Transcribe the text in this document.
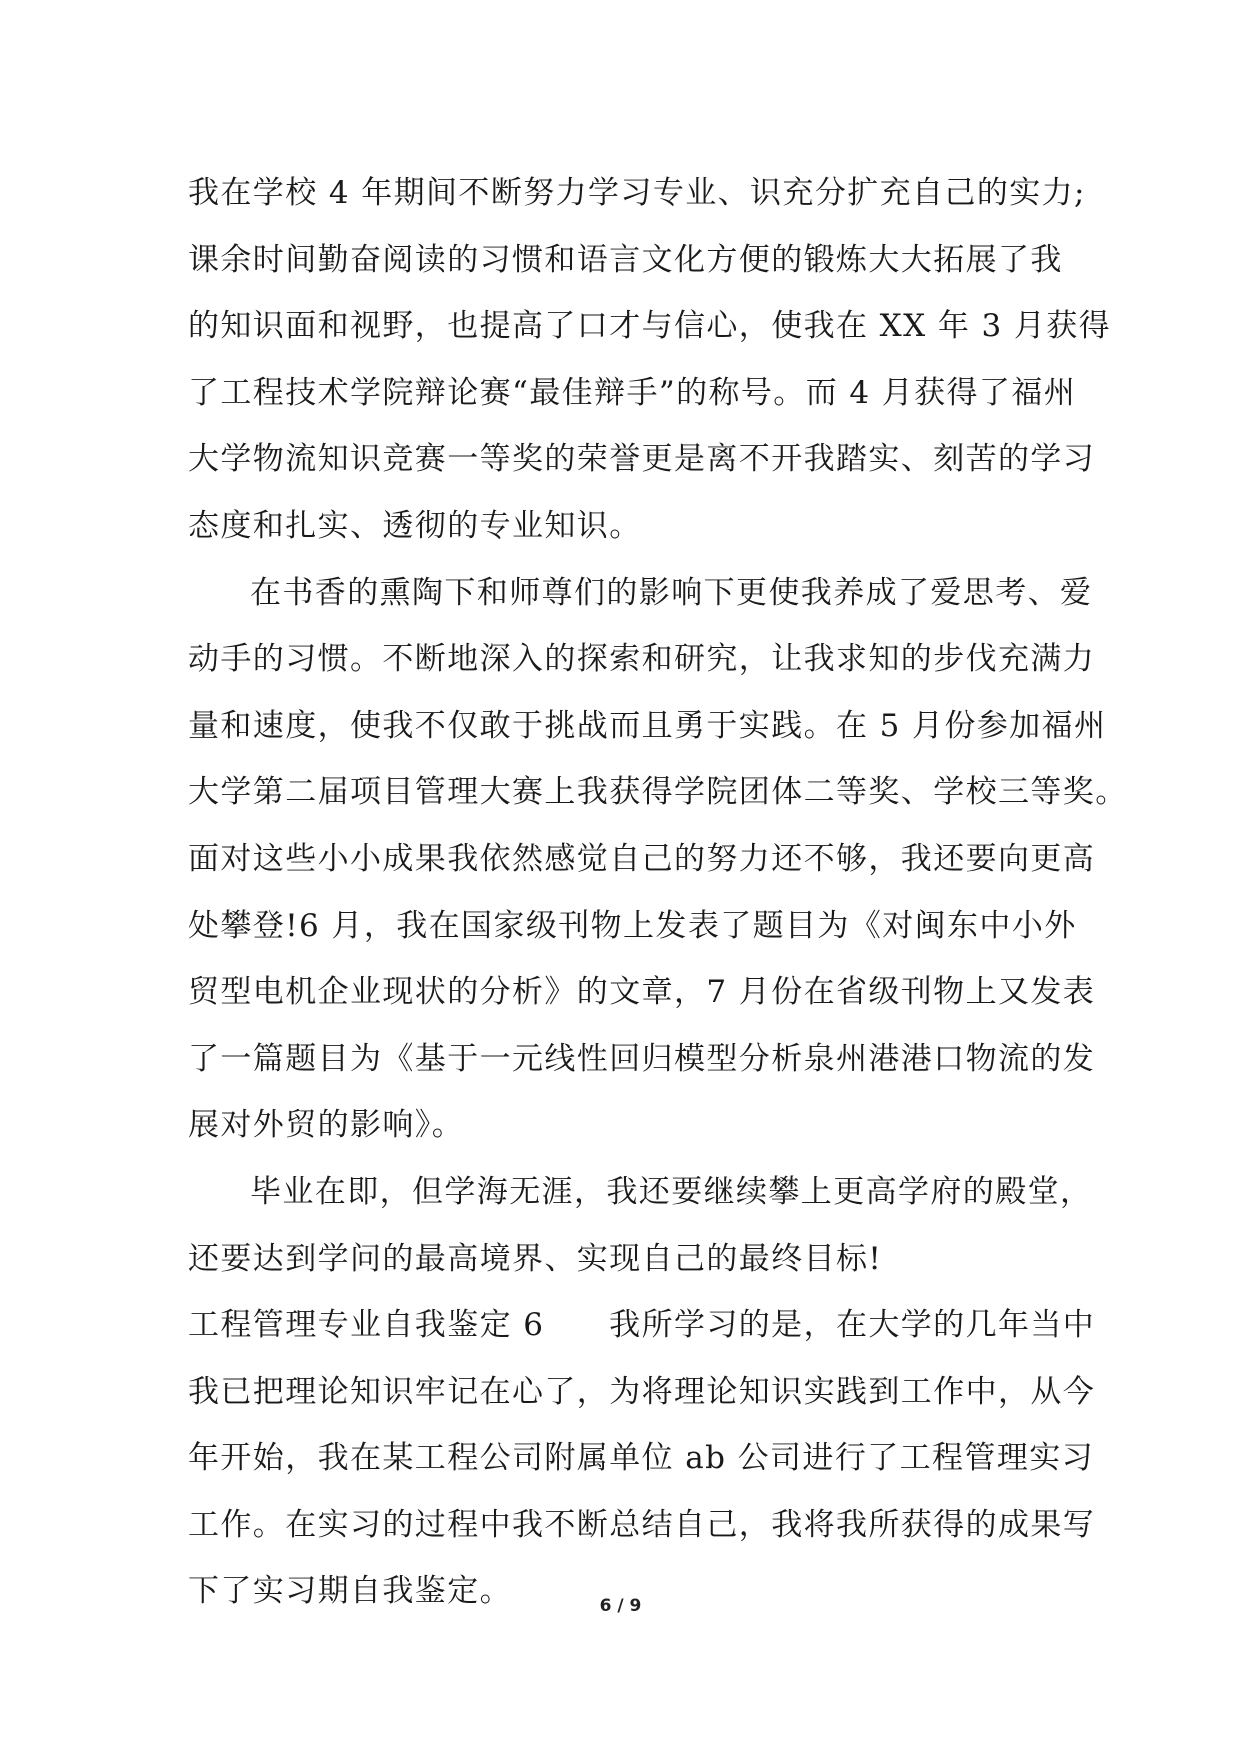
我在学校 4 年期间不断努力学习专业、识充分扩充自己的实力;
课余时间勤奋阅读的习惯和语言文化方便的锻炼大大拓展了我
的知识面和视野，也提高了口才与信心，使我在 XX 年 3 月获得
了工程技术学院辩论赛“最佳辩手”的称号。而 4 月获得了福州
大学物流知识竞赛一等奖的荣誉更是离不开我踏实、刻苦的学习
态度和扎实、透彻的专业知识。
在书香的熏陶下和师尊们的影响下更使我养成了爱思考、爱
动手的习惯。不断地深入的探索和研究，让我求知的步伐充满力
量和速度，使我不仅敢于挑战而且勇于实践。在 5 月份参加福州
大学第二届项目管理大赛上我获得学院团体二等奖、学校三等奖。
面对这些小小成果我依然感觉自己的努力还不够，我还要向更高
处攀登!6 月，我在国家级刊物上发表了题目为《对闽东中小外
贸型电机企业现状的分析》的文章，7 月份在省级刊物上又发表
了一篇题目为《基于一元线性回归模型分析泉州港港口物流的发
展对外贸的影响》。
毕业在即，但学海无涯，我还要继续攀上更高学府的殿堂，
还要达到学问的最高境界、实现自己的最终目标!
工程管理专业自我鉴定 6　　我所学习的是，在大学的几年当中
我已把理论知识牢记在心了，为将理论知识实践到工作中，从今
年开始，我在某工程公司附属单位 ab 公司进行了工程管理实习
工作。在实习的过程中我不断总结自己，我将我所获得的成果写
下了实习期自我鉴定。	6 / 9
